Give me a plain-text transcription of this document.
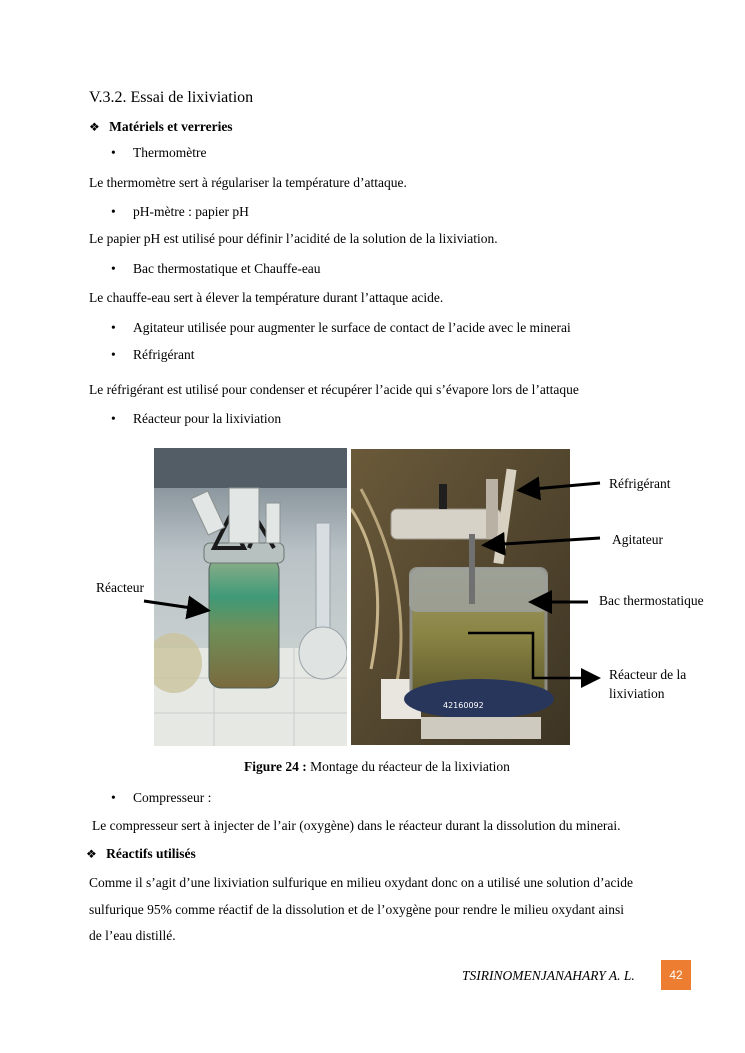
V.3.2. Essai de lixiviation
❖ Matériels et verreries
• Thermomètre
Le thermomètre sert à régulariser la température d’attaque.
• pH-mètre : papier pH
Le papier pH est utilisé pour définir l’acidité de la solution de la lixiviation.
• Bac thermostatique et Chauffe-eau
Le chauffe-eau sert à élever la température durant l’attaque acide.
• Agitateur utilisée pour augmenter le surface de contact de l’acide avec le minerai
• Réfrigérant
Le réfrigérant est utilisé pour condenser et récupérer l’acide qui s’évapore lors de l’attaque
• Réacteur pour la lixiviation
42160092
Réacteur
Réfrigérant
Agitateur
Bac thermostatique
Réacteur de la
lixiviation
Figure 24 : Montage du réacteur de la lixiviation
• Compresseur :
Le compresseur sert à injecter de l’air (oxygène) dans le réacteur durant la dissolution du minerai.
❖ Réactifs utilisés
Comme il s’agit d’une lixiviation sulfurique en milieu oxydant donc on a utilisé une solution d’acide
sulfurique 95% comme réactif de la dissolution et de l’oxygène pour rendre le milieu oxydant ainsi
de l’eau distillé.
TSIRINOMENJANAHARY A. L.	42
